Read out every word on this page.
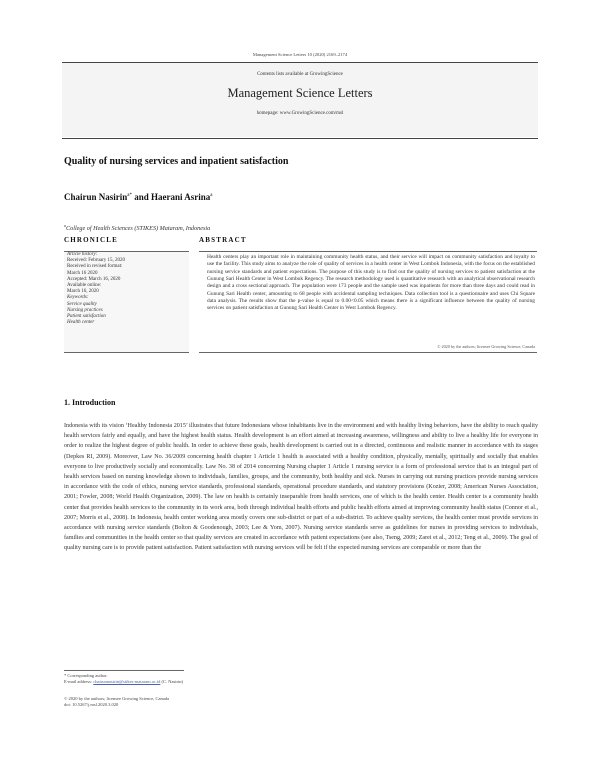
Management Science Letters 10 (2020) 2169–2174
Contents lists available at GrowingScience
Management Science Letters
homepage: www.GrowingScience.com/msl
Quality of nursing services and inpatient satisfaction
Chairun Nasirin$^{a*}$ and Haerani Asrina$^a$
$^a$College of Health Sciences (STIKES) Mataram, Indonesia
CHRONICLE	ABSTRACT
Article history:
Received: February 15, 2020
Received in revised format:
March 16 2020
Accepted: March 16, 2020
Available online:
March 16, 2020
Keywords:
Service quality
Nursing practices
Patient satisfaction
Health center
Health centers play an important role in maintaining community health status, and their service will impact on community satisfaction and loyalty to use the facility. This study aims to analyze the role of quality of services in a health center in West Lombok Indonesia, with the focus on the established nursing service standards and patient expectations. The purpose of this study is to find out the quality of nursing services to patient satisfaction at the Gunung Sari Health Center in West Lombok Regency. The research methodology used is quantitative research with an analytical observational research design and a cross sectional approach. The population were 173 people and the sample used was inpatients for more than three days and could read in Gunung Sari Health center, amounting to 68 people with accidental sampling techniques. Data collection tool is a questionnaire and uses Chi Square data analysis. The results show that the p-value is equal to 0.00<0.05 which means there is a significant influence between the quality of nursing services on patient satisfaction at Gunung Sari Health Center in West Lombok Regency.
© 2020 by the authors; licensee Growing Science, Canada
1. Introduction
Indonesia with its vision ‘Healthy Indonesia 2015’ illustrates that future Indonesians whose inhabitants live in the environment and with healthy living behaviors, have the ability to reach quality health services fairly and equally, and have the highest health status. Health development is an effort aimed at increasing awareness, willingness and ability to live a healthy life for everyone in order to realize the highest degree of public health. In order to achieve these goals, health development is carried out in a directed, continuous and realistic manner in accordance with its stages (Depkes RI, 2009). Moreover, Law No. 36/2009 concerning health chapter 1 Article 1 health is associated with a healthy condition, physically, mentally, spiritually and socially that enables everyone to live productively socially and economically. Law No. 38 of 2014 concerning Nursing chapter 1 Article 1 nursing service is a form of professional service that is an integral part of health services based on nursing knowledge shown to individuals, families, groups, and the community, both healthy and sick. Nurses in carrying out nursing practices provide nursing services in accordance with the code of ethics, nursing service standards, professional standards, operational procedure standards, and statutory provisions (Kozier, 2008; American Nurses Association, 2001; Fowler, 2008; World Health Organization, 2009). The law on health is certainly inseparable from health services, one of which is the health center. Health center is a community health center that provides health services to the community in its work area, both through individual health efforts and public health efforts aimed at improving community health status (Connor et al., 2007; Morris et al., 2008). In Indonesia, health center working area mostly covers one sub-district or part of a sub-district. To achieve quality services, the health center must provide services in accordance with nursing service standards (Bolton & Goodenough, 2003; Lee & Yom, 2007). Nursing service standards serve as guidelines for nurses in providing services to individuals, families and communities in the health center so that quality services are created in accordance with patient expectations (see also, Tseng, 2009; Zarei et al., 2012; Teng et al., 2009). The goal of quality nursing care is to provide patient satisfaction. Patient satisfaction with nursing services will be felt if the expected nursing services are comparable or more than the
* Corresponding author.
E-mail address: chairunnasirin@stikes-mataram.ac.id (C. Nasirin)
© 2020 by the authors; licensee Growing Science, Canada
doi: 10.5267/j.msl.2020.3.020
